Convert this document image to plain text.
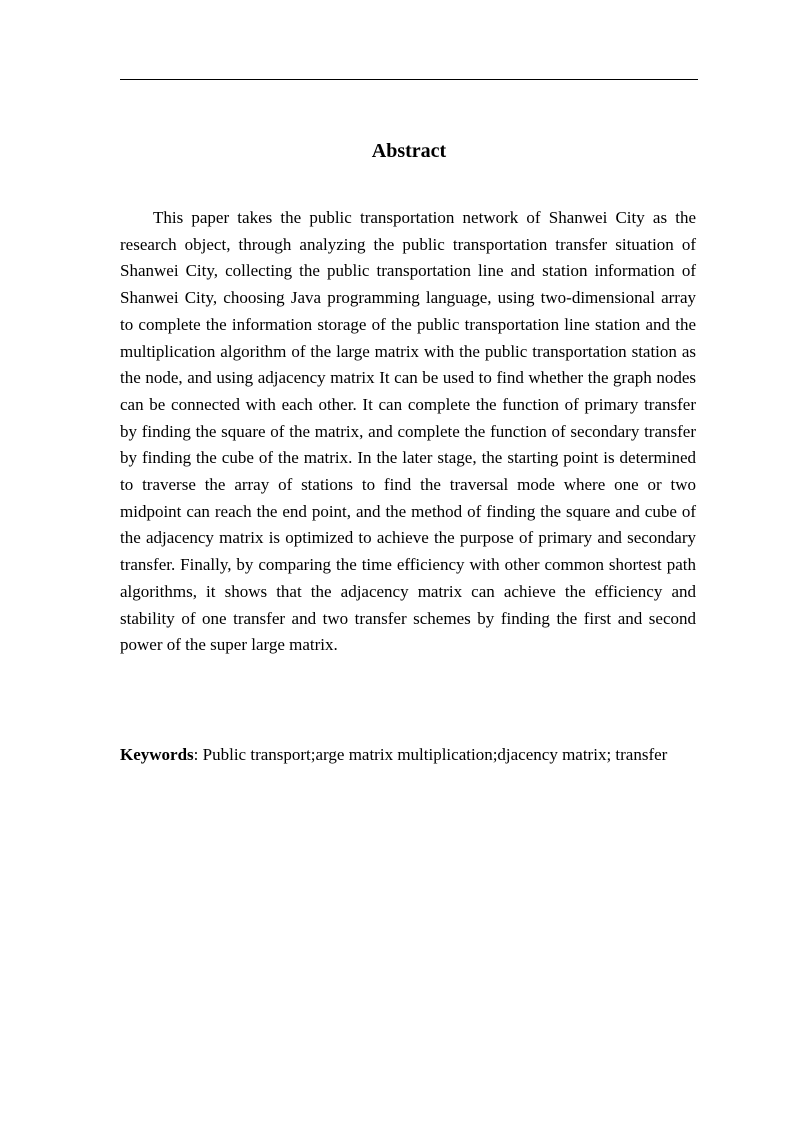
Abstract

This paper takes the public transportation network of Shanwei City as the research object, through analyzing the public transportation transfer situation of Shanwei City, collecting the public transportation line and station information of Shanwei City, choosing Java programming language, using two-dimensional array to complete the information storage of the public transportation line station and the multiplication algorithm of the large matrix with the public transportation station as the node, and using adjacency matrix It can be used to find whether the graph nodes can be connected with each other. It can complete the function of primary transfer by finding the square of the matrix, and complete the function of secondary transfer by finding the cube of the matrix. In the later stage, the starting point is determined to traverse the array of stations to find the traversal mode where one or two midpoint can reach the end point, and the method of finding the square and cube of the adjacency matrix is optimized to achieve the purpose of primary and secondary transfer. Finally, by comparing the time efficiency with other common shortest path algorithms, it shows that the adjacency matrix can achieve the efficiency and stability of one transfer and two transfer schemes by finding the first and second power of the super large matrix.

Keywords: Public transport;arge matrix multiplication;djacency matrix; transfer
